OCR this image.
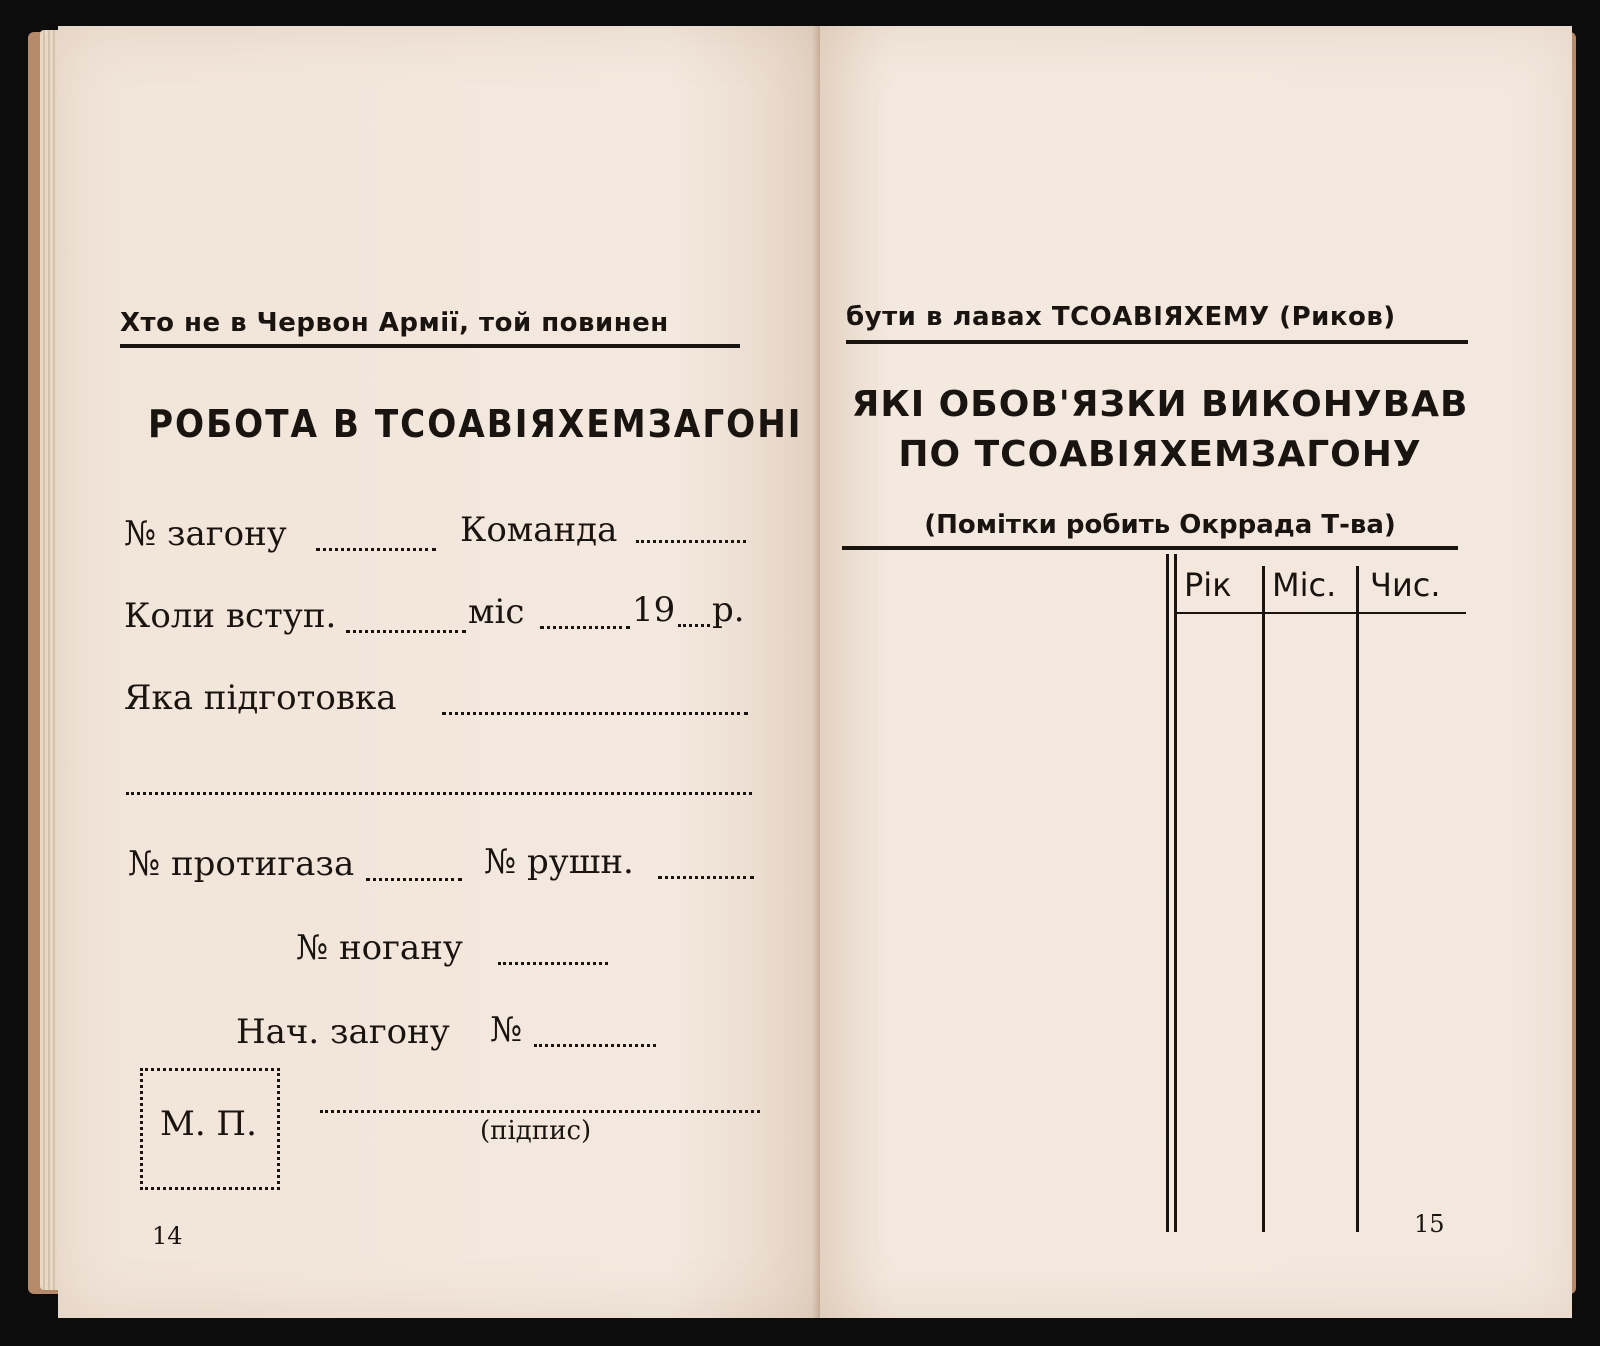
Хто не в Червон Армії, той повинен
РОБОТА В ТСОАВІЯХЕМЗАГОНІ
№ загону	Команда
Коли вступ.	міс	19 р.
Яка підготовка
№ протигаза	№ рушн.
№ ногану
Нач. загону №
М. П.	(підпис)
14
бути в лавах ТСОАВІЯХЕМУ (Риков)
ЯКІ ОБОВ'ЯЗКИ ВИКОНУВАВ
ПО ТСОАВІЯХЕМЗАГОНУ
(Помітки робить Окррада Т-ва)
Рік Міс. Чис.
15
